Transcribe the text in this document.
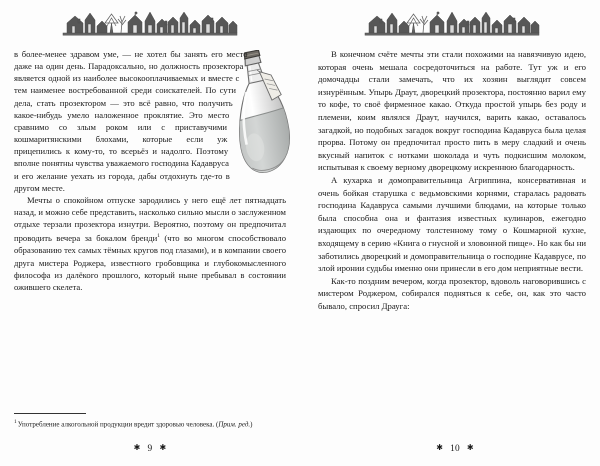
в более-менее здравом уме, — не хотел бы занять его место даже на один день. Парадоксально, но должность прозектора является одной из наиболее высокооплачиваемых и вместе с тем наименее востребованной среди соискателей. По сути дела, стать прозектором — это всё равно, что получить какое-нибудь умело наложенное проклятие. Это место сравнимо со злым роком или с приставучими кошмаритянскими блохами, которые если уж прицепились к кому-то, то всерьёз и надолго. Поэтому вполне понятны чувства уважаемого господина Кадавруса и его желание уехать из города, дабы отдохнуть где-то в другом месте.

Мечты о спокойном отпуске зародились у него ещё лет пятнадцать назад, и можно себе представить, насколько сильно мысли о заслуженном отдыхе терзали прозектора изнутри. Вероятно, поэтому он предпочитал проводить вечера за бокалом бренди$^1$ (что во многом способствовало образованию тех самых тёмных кругов под глазами), и в компании своего друга мистера Роджера, известного гробовщика и глубокомысленного философа из далёкого прошлого, который ныне пребывал в состоянии ожившего скелета.

$^1$Употребление алкогольной продукции вредит здоровью человека. (Прим. ред.)
✱ 9 ✱

В конечном счёте мечты эти стали похожими на навязчивую идею, которая очень мешала сосредоточиться на работе. Тут уж и его домочадцы стали замечать, что их хозяин выглядит совсем изнурённым. Упырь Драут, дворецкий прозектора, постоянно варил ему то кофе, то своё фирменное какао. Откуда простой упырь без роду и племени, коим являлся Драут, научился, варить какао, оставалось загадкой, но подобных загадок вокруг господина Кадавруса была целая прорва. Потому он предпочитал просто пить в меру сладкий и очень вкусный напиток с нотками шоколада и чуть подкисшим молоком, испытывая к своему верному дворецкому искреннюю благодарность.

А кухарка и домоправительница Агриппина, консервативная и очень бойкая старушка с ведьмовскими корнями, старалась радовать господина Кадавруса самыми лучшими блюдами, на которые только была способна она и фантазия известных кулинаров, ежегодно издающих по очередному толстенному тому о Кошмарной кухне, входящему в серию «Книга о гнусной и зловонной пище». Но как бы ни заботились дворецкий и домоправительница о господине Кадаврусе, по злой иронии судьбы именно они принесли в его дом неприятные вести.

Как-то поздним вечером, когда прозектор, вдоволь наговорившись с мистером Роджером, собирался подняться к себе, он, как это часто бывало, спросил Драуга:

✱ 10 ✱
